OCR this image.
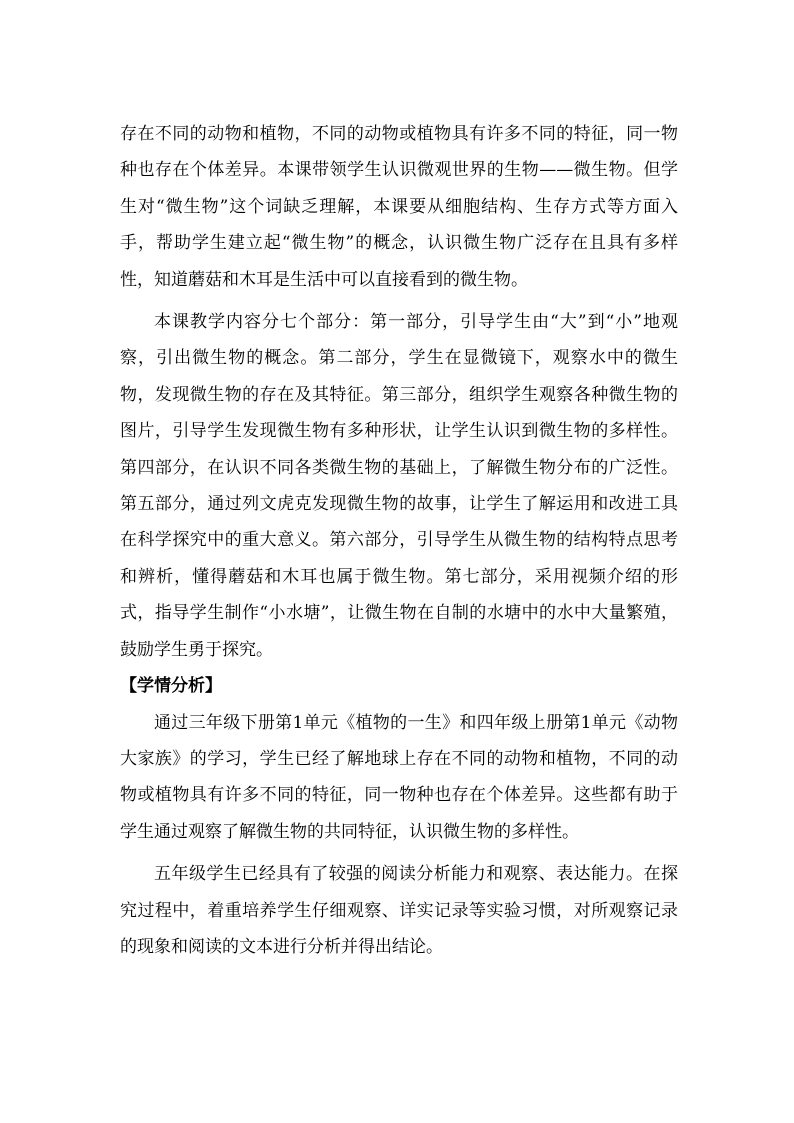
存在不同的动物和植物，不同的动物或植物具有许多不同的特征，同一物种也存在个体差异。本课带领学生认识微观世界的生物——微生物。但学生对“微生物”这个词缺乏理解，本课要从细胞结构、生存方式等方面入手，帮助学生建立起“微生物”的概念，认识微生物广泛存在且具有多样性，知道蘑菇和木耳是生活中可以直接看到的微生物。

本课教学内容分七个部分：第一部分，引导学生由“大”到“小”地观察，引出微生物的概念。第二部分，学生在显微镜下，观察水中的微生物，发现微生物的存在及其特征。第三部分，组织学生观察各种微生物的图片，引导学生发现微生物有多种形状，让学生认识到微生物的多样性。第四部分，在认识不同各类微生物的基础上，了解微生物分布的广泛性。第五部分，通过列文虎克发现微生物的故事，让学生了解运用和改进工具在科学探究中的重大意义。第六部分，引导学生从微生物的结构特点思考和辨析，懂得蘑菇和木耳也属于微生物。第七部分，采用视频介绍的形式，指导学生制作“小水塘”，让微生物在自制的水塘中的水中大量繁殖，鼓励学生勇于探究。

【学情分析】

通过三年级下册第1单元《植物的一生》和四年级上册第1单元《动物大家族》的学习，学生已经了解地球上存在不同的动物和植物，不同的动物或植物具有许多不同的特征，同一物种也存在个体差异。这些都有助于学生通过观察了解微生物的共同特征，认识微生物的多样性。

五年级学生已经具有了较强的阅读分析能力和观察、表达能力。在探究过程中，着重培养学生仔细观察、详实记录等实验习惯，对所观察记录的现象和阅读的文本进行分析并得出结论。
